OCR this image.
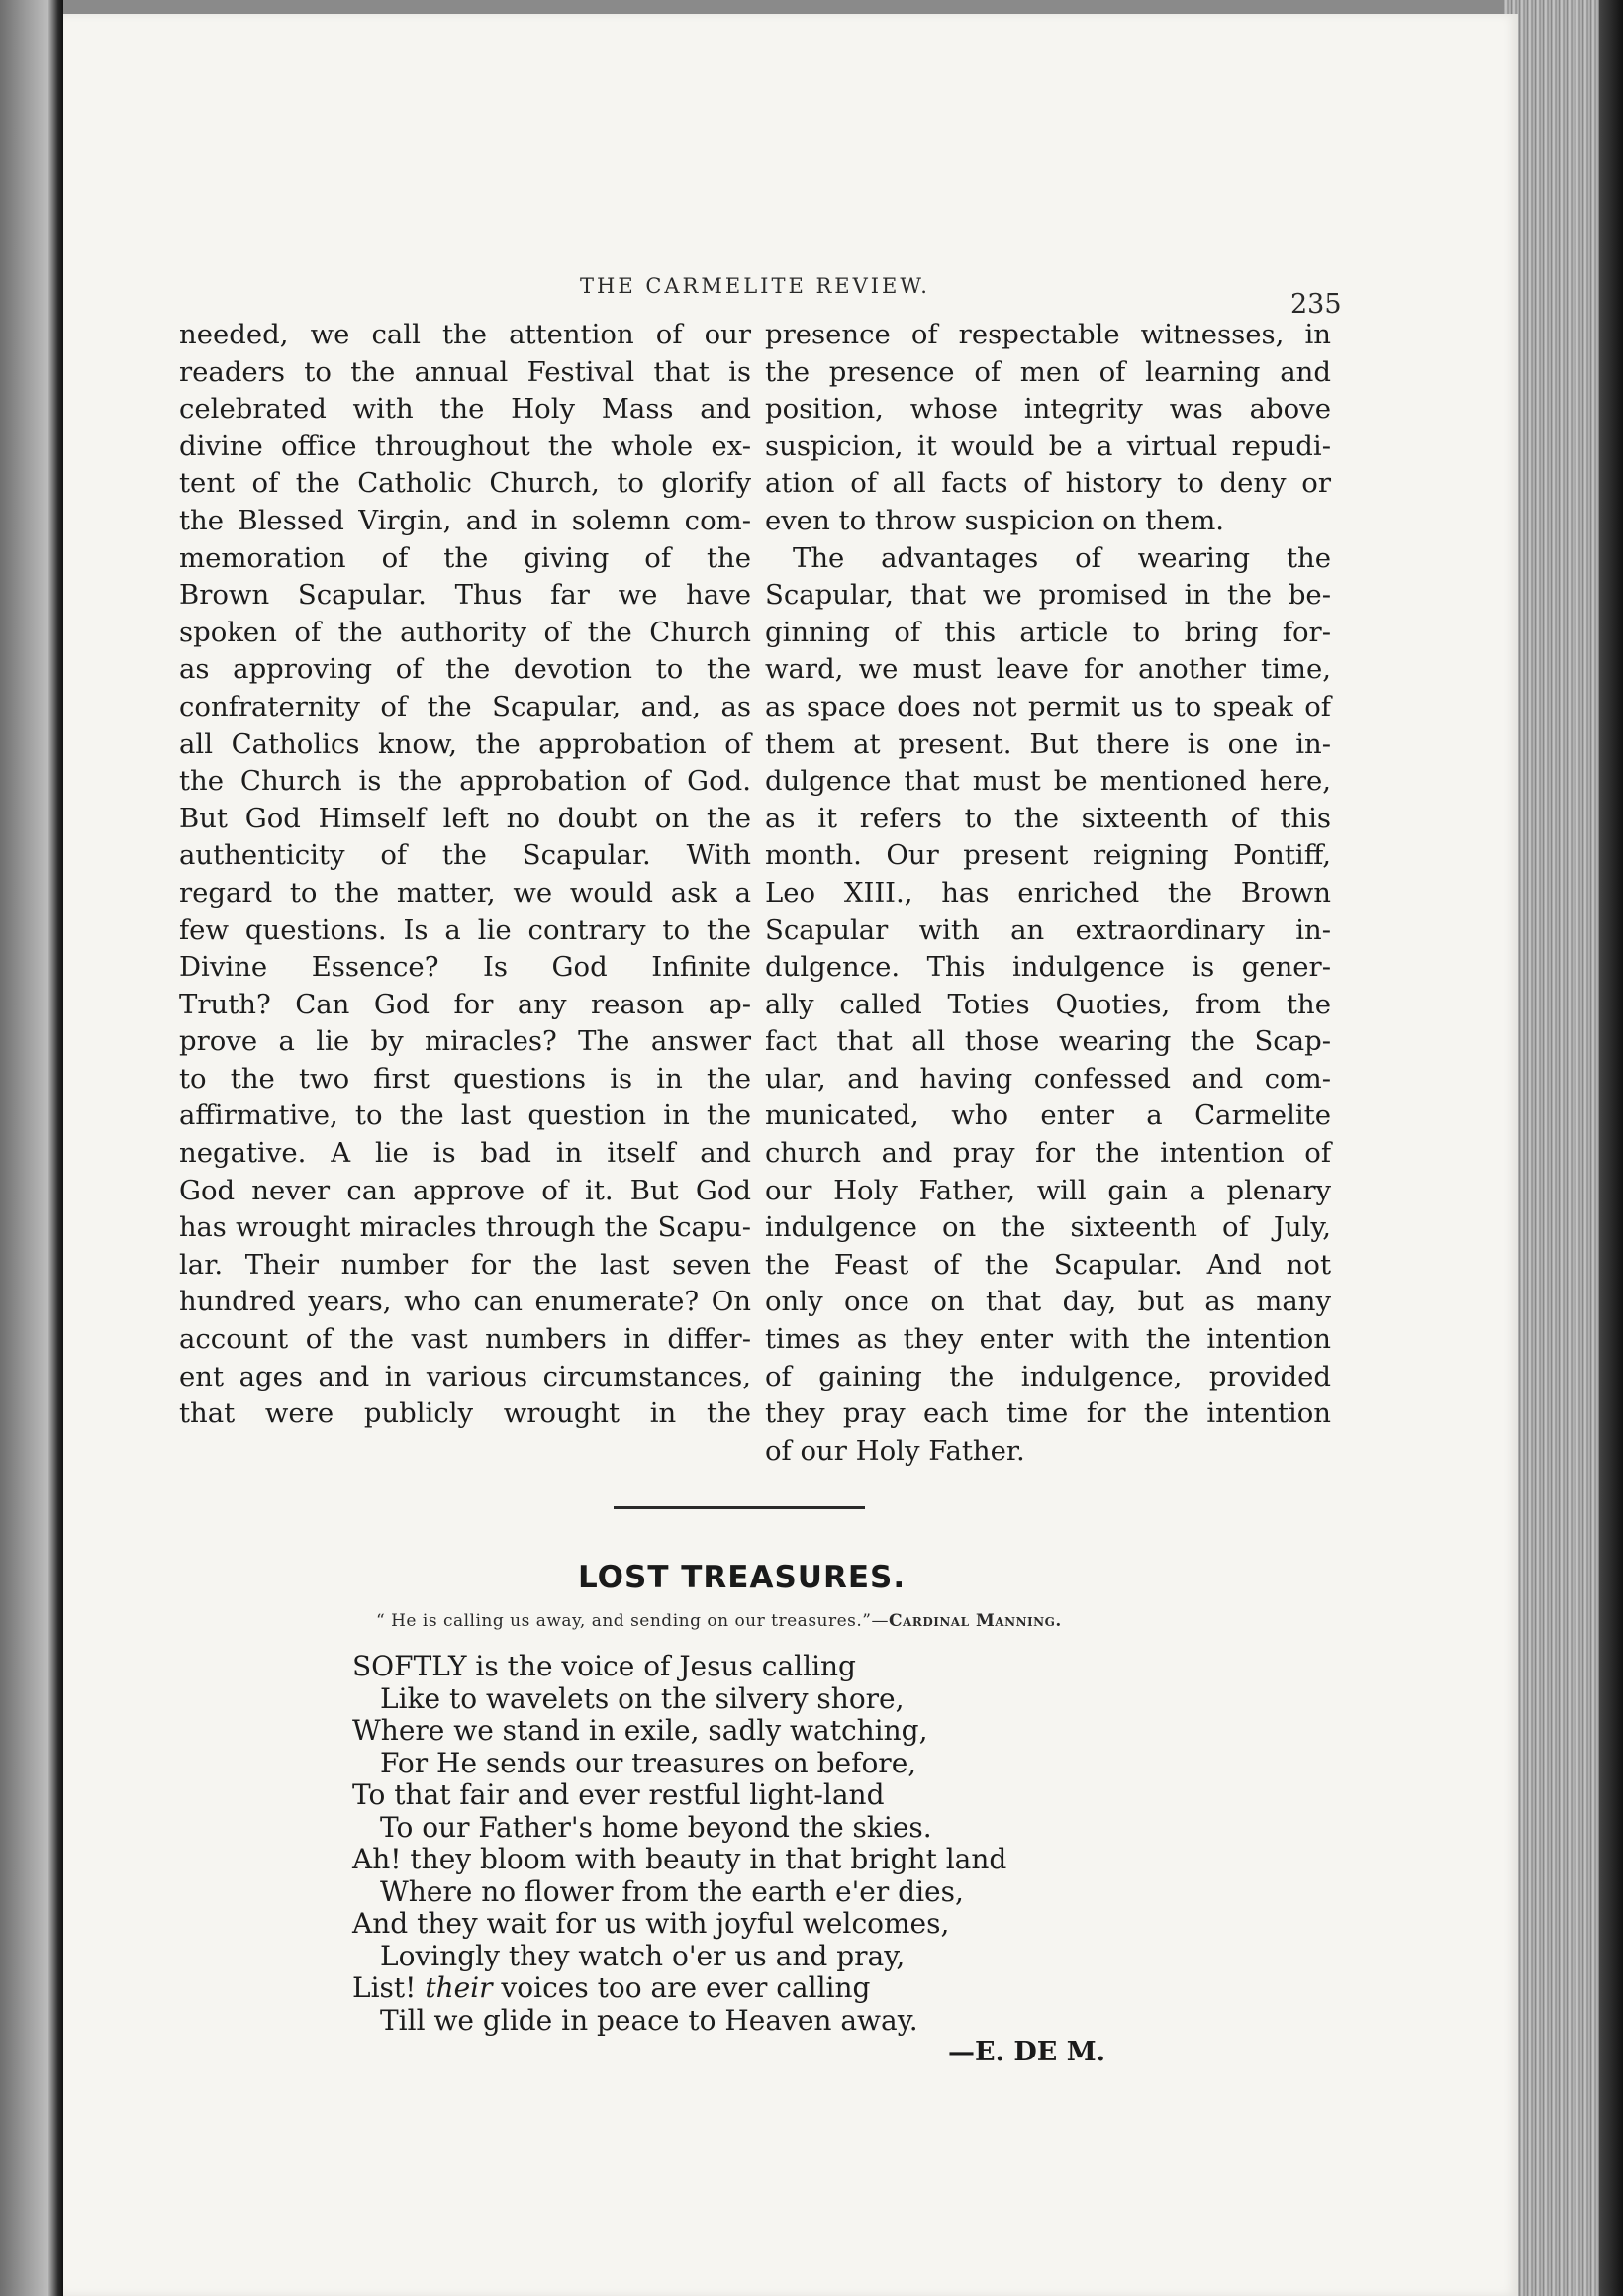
THE CARMELITE REVIEW.
235
needed, we call the attention of our
readers to the annual Festival that is
celebrated with the Holy Mass and
divine office throughout the whole ex-
tent of the Catholic Church, to glorify
the Blessed Virgin, and in solemn com-
memoration of the giving of the
Brown Scapular. Thus far we have
spoken of the authority of the Church
as approving of the devotion to the
confraternity of the Scapular, and, as
all Catholics know, the approbation of
the Church is the approbation of God.
But God Himself left no doubt on the
authenticity of the Scapular. With
regard to the matter, we would ask a
few questions. Is a lie contrary to the
Divine Essence? Is God Infinite
Truth? Can God for any reason ap-
prove a lie by miracles? The answer
to the two first questions is in the
affirmative, to the last question in the
negative. A lie is bad in itself and
God never can approve of it. But God
has wrought miracles through the Scapu-
lar. Their number for the last seven
hundred years, who can enumerate? On
account of the vast numbers in differ-
ent ages and in various circumstances,
that were publicly wrought in the
presence of respectable witnesses, in
the presence of men of learning and
position, whose integrity was above
suspicion, it would be a virtual repudi-
ation of all facts of history to deny or
even to throw suspicion on them.
The advantages of wearing the
Scapular, that we promised in the be-
ginning of this article to bring for-
ward, we must leave for another time,
as space does not permit us to speak of
them at present. But there is one in-
dulgence that must be mentioned here,
as it refers to the sixteenth of this
month. Our present reigning Pontiff,
Leo XIII., has enriched the Brown
Scapular with an extraordinary in-
dulgence. This indulgence is gener-
ally called Toties Quoties, from the
fact that all those wearing the Scap-
ular, and having confessed and com-
municated, who enter a Carmelite
church and pray for the intention of
our Holy Father, will gain a plenary
indulgence on the sixteenth of July,
the Feast of the Scapular. And not
only once on that day, but as many
times as they enter with the intention
of gaining the indulgence, provided
they pray each time for the intention
of our Holy Father.
LOST TREASURES.
“ He is calling us away, and sending on our treasures.”—Cardinal Manning.
SOFTLY is the voice of Jesus calling
Like to wavelets on the silvery shore,
Where we stand in exile, sadly watching,
For He sends our treasures on before,
To that fair and ever restful light-land
To our Father's home beyond the skies.
Ah! they bloom with beauty in that bright land
Where no flower from the earth e'er dies,
And they wait for us with joyful welcomes,
Lovingly they watch o'er us and pray,
List! their voices too are ever calling
Till we glide in peace to Heaven away.
—E. DE M.
